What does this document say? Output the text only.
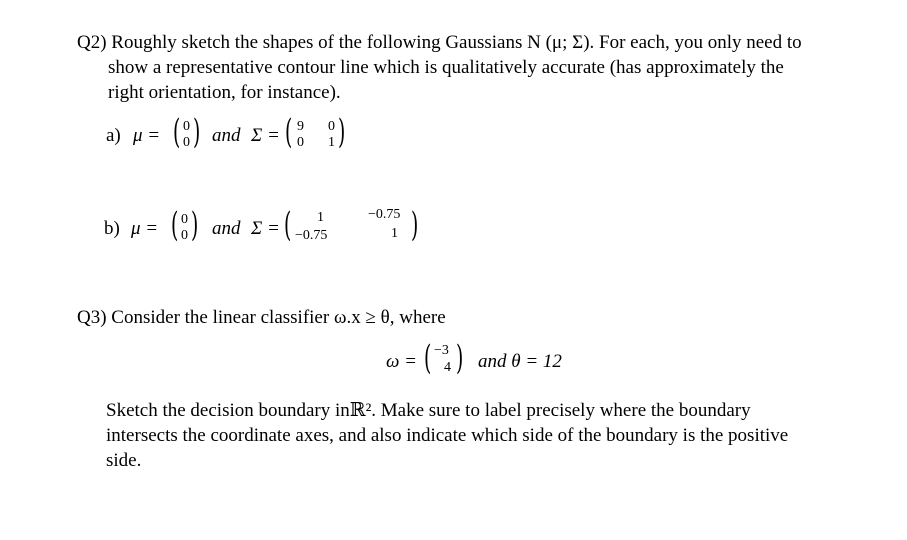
Q2) Roughly sketch the shapes of the following Gaussians N (μ; Σ). For each, you only need to
show a representative contour line which is qualitatively accurate (has approximately the
right orientation, for instance).
a) μ = ( 0
0 ) and Σ = ( 9 0
0 1 )
b) μ = ( 0
0 ) and Σ = ( 1	−0.75
−0.75	1 )
Q3) Consider the linear classifier ω.x ≥ θ, where
ω = ( −3
4 ) and θ = 12
Sketch the decision boundary inℝ². Make sure to label precisely where the boundary
intersects the coordinate axes, and also indicate which side of the boundary is the positive
side.
